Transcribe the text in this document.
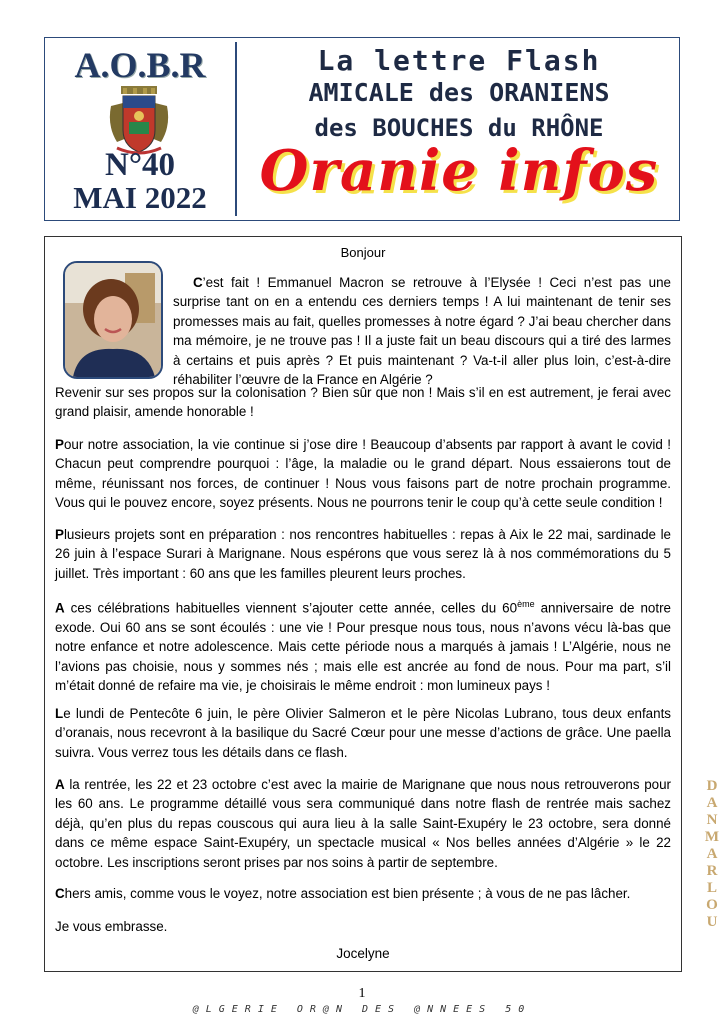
A.O.B.R
N°40
MAI 2022
La lettre Flash
AMICALE des ORANIENS
des BOUCHES du RHÔNE
Oranie infos
Bonjour
C’est fait ! Emmanuel Macron se retrouve à l’Elysée ! Ceci n’est pas une surprise tant on en a entendu ces derniers temps ! A lui maintenant de tenir ses promesses mais au fait, quelles promesses à notre égard ? J’ai beau chercher dans ma mémoire, je ne trouve pas ! Il a juste fait un beau discours qui a tiré des larmes à certains et puis après ? Et puis maintenant ? Va-t-il aller plus loin, c’est-à-dire réhabiliter l’œuvre de la France en Algérie ?
Revenir sur ses propos sur la colonisation ? Bien sûr que non ! Mais s’il en est autrement, je ferai avec grand plaisir, amende honorable !
Pour notre association, la vie continue si j’ose dire ! Beaucoup d’absents par rapport à avant le covid ! Chacun peut comprendre pourquoi : l’âge, la maladie ou le grand départ. Nous essaierons tout de même, réunissant nos forces, de continuer ! Nous vous faisons part de notre prochain programme. Vous qui le pouvez encore, soyez présents. Nous ne pourrons tenir le coup qu’à cette seule condition !
Plusieurs projets sont en préparation : nos rencontres habituelles : repas à Aix le 22 mai, sardinade le 26 juin à l’espace Surari à Marignane. Nous espérons que vous serez là à nos commémorations du 5 juillet. Très important : 60 ans que les familles pleurent leurs proches.
A ces célébrations habituelles viennent s’ajouter cette année, celles du 60ème anniversaire de notre exode. Oui 60 ans se sont écoulés : une vie ! Pour presque nous tous, nous n’avons vécu là-bas que notre enfance et notre adolescence. Mais cette période nous a marqués à jamais ! L’Algérie, nous ne l’avions pas choisie, nous y sommes nés ; mais elle est ancrée au fond de nous. Pour ma part, s’il m’était donné de refaire ma vie, je choisirais le même endroit : mon lumineux pays !
Le lundi de Pentecôte 6 juin, le père Olivier Salmeron et le père Nicolas Lubrano, tous deux enfants d’oranais, nous recevront à la basilique du Sacré Cœur pour une messe d’actions de grâce. Une paella suivra. Vous verrez tous les détails dans ce flash.
A la rentrée, les 22 et 23 octobre c’est avec la mairie de Marignane que nous nous retrouverons pour les 60 ans. Le programme détaillé vous sera communiqué dans notre flash de rentrée mais sachez déjà, qu’en plus du repas couscous qui aura lieu à la salle Saint-Exupéry le 23 octobre, sera donné dans ce même espace Saint-Exupéry, un spectacle musical « Nos belles années d’Algérie » le 22 octobre. Les inscriptions seront prises par nos soins à partir de septembre.
Chers amis, comme vous le voyez, notre association est bien présente ; à vous de ne pas lâcher.
Je vous embrasse.
Jocelyne
D
A
N
M
A
R
L
O
U
1
@LGERIE OR@N DES @NNEES 50
